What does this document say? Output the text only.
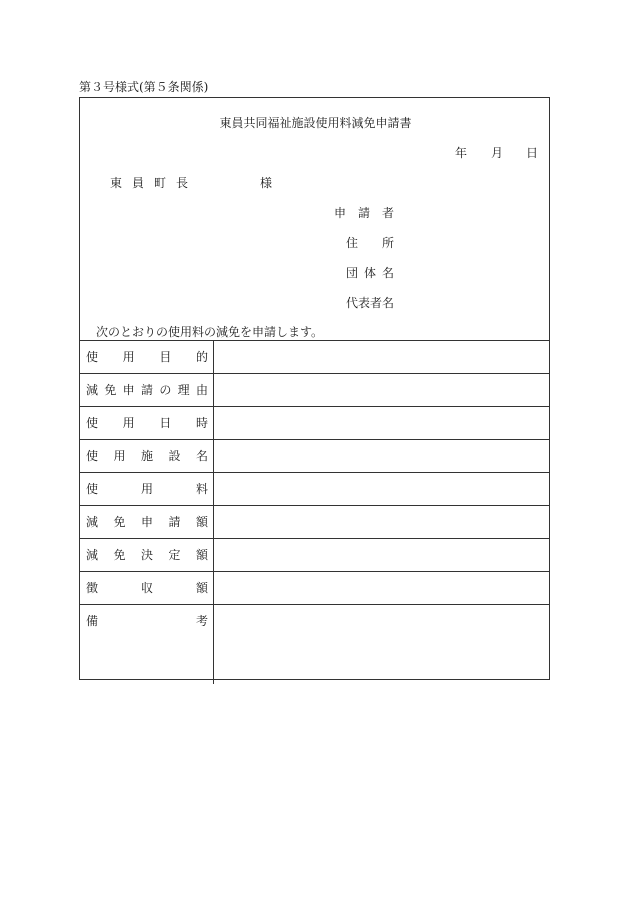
第３号様式(第５条関係)
東員共同福祉施設使用料減免申請書
年 月 日
東 員 町 長	様
申 請 者
住 所
団 体 名
代表者名
次のとおりの使用料の減免を申請します。
使 用 目 的
減 免 申 請 の 理 由
使 用 日 時
使 用 施 設 名
使	用	料
減 免 申 請 額
減 免 決 定 額
徴	収	額
備	考
